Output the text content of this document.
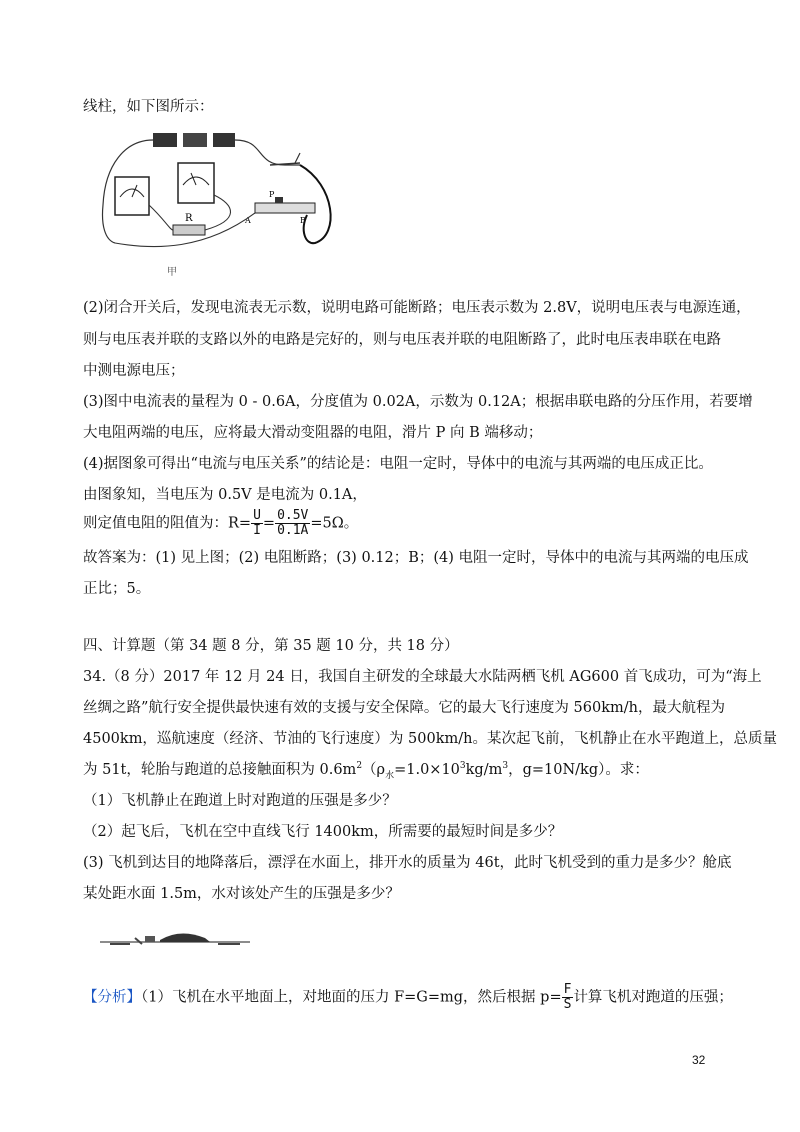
线柱，如下图所示：
R
P
A	B
甲
(2)闭合开关后，发现电流表无示数，说明电路可能断路；电压表示数为 2.8V，说明电压表与电源连通，
则与电压表并联的支路以外的电路是完好的，则与电压表并联的电阻断路了，此时电压表串联在电路
中测电源电压；
(3)图中电流表的量程为 0 - 0.6A，分度值为 0.02A，示数为 0.12A；根据串联电路的分压作用，若要增
大电阻两端的电压，应将最大滑动变阻器的电阻，滑片 P 向 B 端移动；
(4)据图象可得出“电流与电压关系”的结论是：电阻一定时，导体中的电流与其两端的电压成正比。
由图象知，当电压为 0.5V 是电流为 0.1A，
则定值电阻的阻值为：$R= \frac{U}{I} = \frac{0.5V}{0.1A} =5\Omega$。
故答案为：(1) 见上图；(2) 电阻断路；(3) 0.12；B；(4) 电阻一定时，导体中的电流与其两端的电压成
正比；5。
四、计算题（第 34 题 8 分，第 35 题 10 分，共 18 分）
34.（8 分）2017 年 12 月 24 日，我国自主研发的全球最大水陆两栖飞机 AG600 首飞成功，可为“海上
丝绸之路”航行安全提供最快速有效的支援与安全保障。它的最大飞行速度为 560km/h，最大航程为
4500km，巡航速度（经济、节油的飞行速度）为 500km/h。某次起飞前，飞机静止在水平跑道上，总质量
为 51t，轮胎与跑道的总接触面积为 $0.6m^2(\rho_水=1.0\times 10^3kg/m^3$，g=10N/kg）。求：
（1）飞机静止在跑道上时对跑道的压强是多少？
（2）起飞后，飞机在空中直线飞行 1400km，所需要的最短时间是多少？
(3) 飞机到达目的地降落后，漂浮在水面上，排开水的质量为 46t，此时飞机受到的重力是多少？舱底
某处距水面 1.5m，水对该处产生的压强是多少？
【分析】（1）飞机在水平地面上，对地面的压力 F=G=mg，然后根据 $p= \frac{F}{S}$ 计算飞机对跑道的压强；
32
